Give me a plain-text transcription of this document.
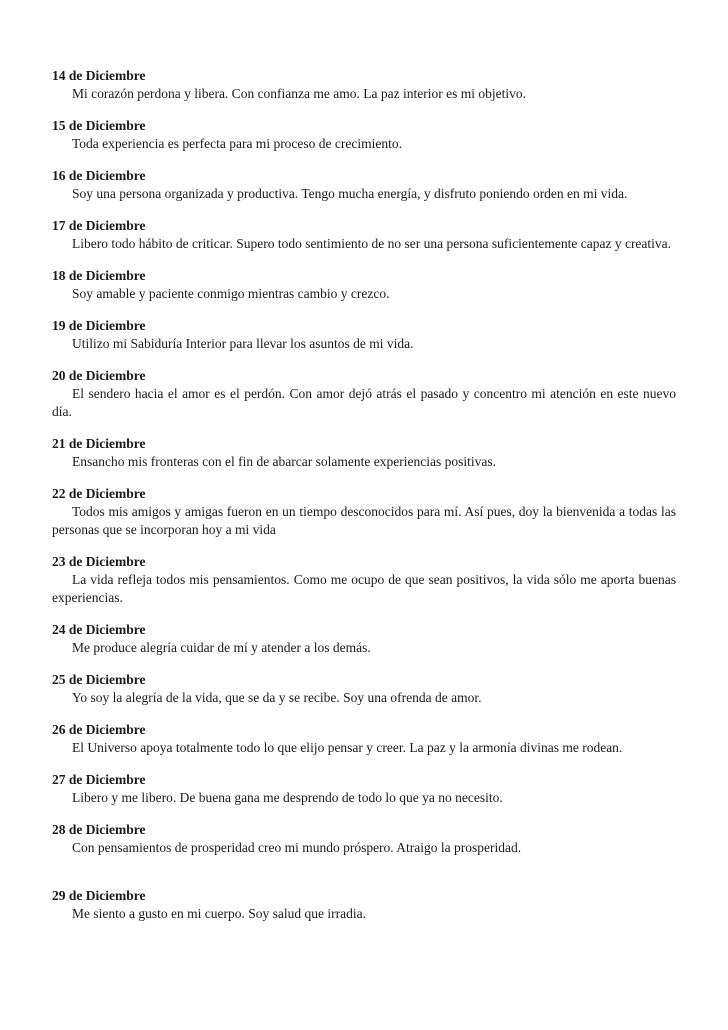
14 de Diciembre

Mi corazón perdona y libera. Con confianza me amo. La paz interior es mi objetivo.

15 de Diciembre

Toda experiencia es perfecta para mi proceso de crecimiento.

16 de Diciembre

Soy una persona organizada y productiva. Tengo mucha energía, y disfruto poniendo orden en mi vida.

17 de Diciembre

Libero todo hábito de criticar. Supero todo sentimiento de no ser una persona suficientemente capaz y creativa.

18 de Diciembre

Soy amable y paciente conmigo mientras cambio y crezco.

19 de Diciembre

Utilizo mi Sabiduría Interior para llevar los asuntos de mi vida.

20 de Diciembre

El sendero hacia el amor es el perdón. Con amor dejó atrás el pasado y concentro mi atención en este nuevo día.

21 de Diciembre

Ensancho mis fronteras con el fin de abarcar solamente experiencias positivas.

22 de Diciembre

Todos mis amigos y amigas fueron en un tiempo desconocidos para mí. Así pues, doy la bienvenida a todas las personas que se incorporan hoy a mi vida

23 de Diciembre

La vida refleja todos mis pensamientos. Como me ocupo de que sean positivos, la vida sólo me aporta buenas experiencias.

24 de Diciembre

Me produce alegría cuidar de mí y atender a los demás.

25 de Diciembre

Yo soy la alegría de la vida, que se da y se recibe. Soy una ofrenda de amor.

26 de Diciembre

El Universo apoya totalmente todo lo que elijo pensar y creer. La paz y la armonía divinas me rodean.

27 de Diciembre

Libero y me libero. De buena gana me desprendo de todo lo que ya no necesito.

28 de Diciembre

Con pensamientos de prosperidad creo mi mundo próspero. Atraigo la prosperidad.

29 de Diciembre

Me siento a gusto en mi cuerpo. Soy salud que irradia.
